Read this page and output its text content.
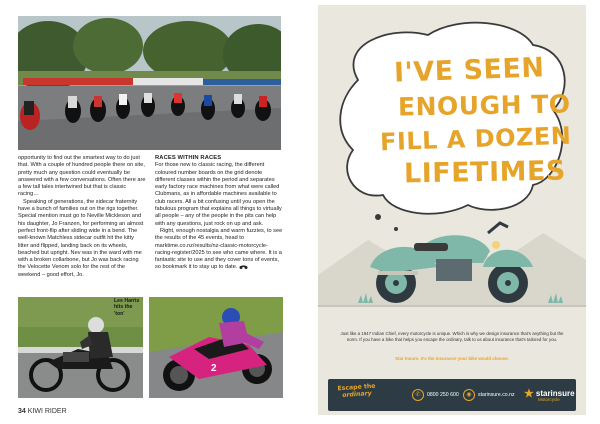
opportunity to find out the smartest way to do just that. With a couple of hundred people there on site, pretty much any question could eventually be answered with a few conversations. Often there are a few tall tales intertwined but that is classic racing…

Speaking of generations, the sidecar fraternity have a bunch of families out on the rigs together. Special mention must go to Neville Mickleson and his daughter, Jo Franzen, for performing an almost perfect front-flip after sliding wide in a bend. The well-known Matchless sidecar outfit hit the kitty litter and flipped, landing back on its wheels, beached but upright. Nev was in the ward with me with a broken collarbone, but Jo was back racing the Velocette Venom solo for the rest of the weekend – good effort, Jo.

RACES WITHIN RACES

For those new to classic racing, the different coloured number boards on the grid denote different classes within the period and separates early factory race machines from what were called Clubmans, as in affordable machines available to club racers. All a bit confusing until you open the fabulous program that explains all things to virtually all people – any of the people in the pits can help with any questions, just rock on up and ask.

Right, enough nostalgia and warm fuzzies, to see the results of the 45 events, head to marktime.co.nz/results/nz-classic-motorcycle-racing-register/2025 to see who came where. It is a fantastic site to use and they cover tons of events, so bookmark it to stay up to date.

Les Harris hits the 'ton'
2
34 KIWI RIDER
I'VE SEEN
ENOUGH TO
FILL A DOZEN
LIFETIMES
Just like a 1947 Indian Chief, every motorcycle is unique. Which is why we design insurance that's anything but the norm. If you have a bike that helps you escape the ordinary, talk to us about insurance that's tailored for you.
Star Insure. It's the insurance your bike would choose.
Escape the
ordinary	✆	0800 250 600	◉	starinsure.co.nz ★ starinsure
Motorcycle
